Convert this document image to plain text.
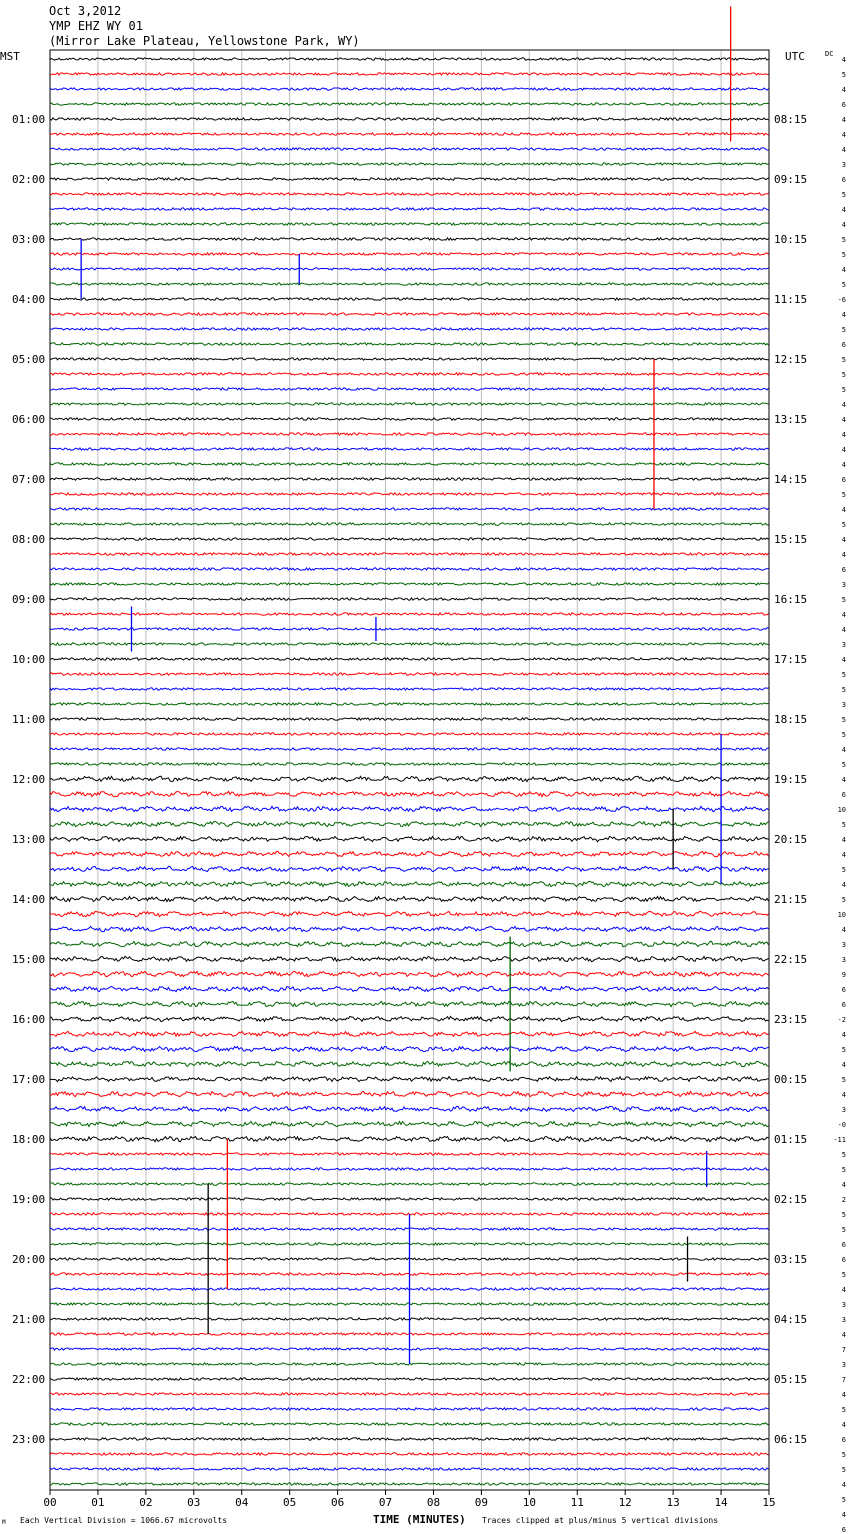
Oct 3,2012
YMP EHZ WY 01
(Mirror Lake Plateau, Yellowstone Park, WY)
MST	UTC	DC
01:00
02:00
03:00
04:00
05:00
06:00
07:00
08:00
09:00
10:00
11:00
12:00
13:00
14:00
15:00
16:00
17:00
18:00
19:00
20:00
21:00
22:00
23:00
08:15
09:15
10:15
11:15
12:15
13:15
14:15
15:15
16:15
17:15
18:15
19:15
20:15
21:15
22:15
23:15
00:15
01:15
02:15
03:15
04:15
05:15
06:15
4
5
4
6
4
4
4
3
6
5
4
4
5
5
4
5
-6
4
5
6
5
5
5
4
4
4
4
4
6
5
4
5
4
4
6
3
5
4
4
3
4
5
5
3
5
5
4
5
4
6
10
5
4
4
5
4
5
10
4
3
3
9
6
6
-2
4
5
4
5
4
3
-0
-11
5
5
4
2
5
5
6
6
5
4
3
3
4
7
3
7
4
5
4
6
5
5
4
5
4
6
00	01	02	03	04	05	06	07	08	09	10	11	12	13	14	15
M Each Vertical Division = 1066.67 microvolts	TIME (MINUTES) Traces clipped at plus/minus 5 vertical divisions
